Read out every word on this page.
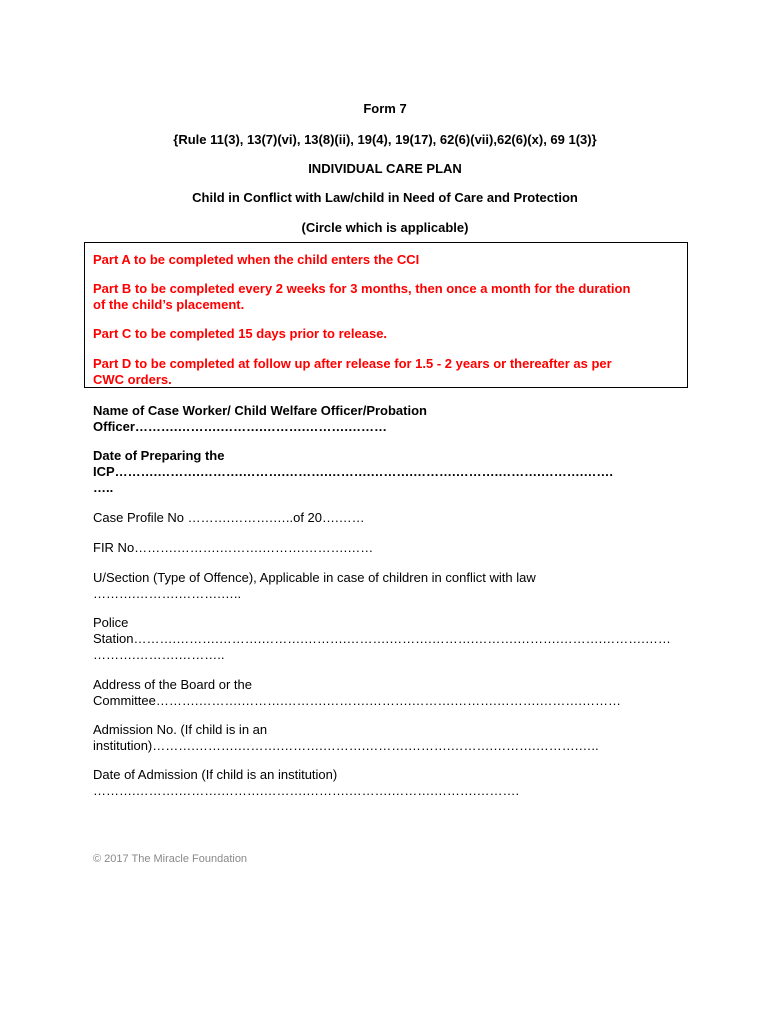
Form 7
{Rule 11(3), 13(7)(vi), 13(8)(ii), 19(4), 19(17), 62(6)(vii),62(6)(x), 69 1(3)}
INDIVIDUAL CARE PLAN
Child in Conflict with Law/child in Need of Care and Protection
(Circle which is applicable)
Part A to be completed when the child enters the CCI
Part B to be completed every 2 weeks for 3 months, then once a month for the duration
of the child’s placement.
Part C to be completed 15 days prior to release.
Part D to be completed at follow up after release for 1.5 - 2 years or thereafter as per
CWC orders.
Name of Case Worker/ Child Welfare Officer/Probation
Officer……….……….……….……….……….………
Date of Preparing the
ICP……….……….……….……….……….……….……….……….……….……….……….…….
…..
Case Profile No ……….……….…..of 20….……
FIR No……….……….……….……….……….……
U/Section (Type of Offence), Applicable in case of children in conflict with law
……….……….……….…..
Police
Station……….……….……….……….……….……….……….……….……….……….……….……….……
……….……….………..
Address of the Board or the
Committee……….……….……….……….……….……….……….……….……….……….………
Admission No. (If child is in an
institution)……….……….……….……….……….……….……….……….……….……….…..
Date of Admission (If child is an institution)
……….……….……….……….……….……….……….……….……….……….
© 2017 The Miracle Foundation
